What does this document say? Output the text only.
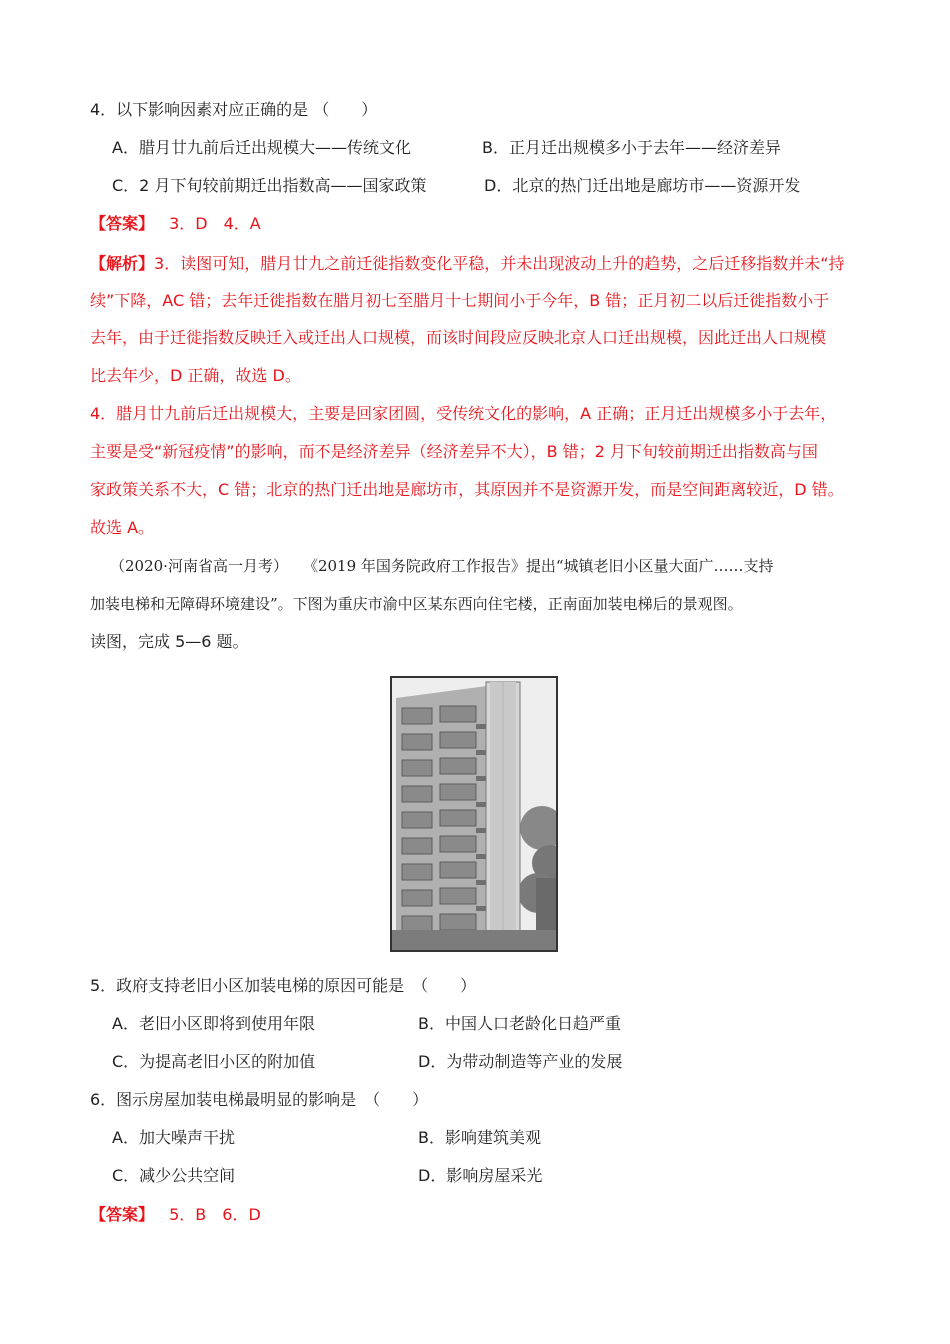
4．以下影响因素对应正确的是 （　　）
A．腊月廿九前后迁出规模大——传统文化	B．正月迁出规模多小于去年——经济差异
C．2 月下旬较前期迁出指数高——国家政策	D．北京的热门迁出地是廊坊市——资源开发
【答案】 3．D　4．A
【解析】3．读图可知，腊月廿九之前迁徙指数变化平稳，并未出现波动上升的趋势，之后迁移指数并未“持
续”下降，AC 错；去年迁徙指数在腊月初七至腊月十七期间小于今年，B 错；正月初二以后迁徙指数小于
去年，由于迁徙指数反映迁入或迁出人口规模，而该时间段应反映北京人口迁出规模，因此迁出人口规模
比去年少，D 正确，故选 D。
4．腊月廿九前后迁出规模大，主要是回家团圆，受传统文化的影响，A 正确；正月迁出规模多小于去年，
主要是受“新冠疫情”的影响，而不是经济差异（经济差异不大），B 错；2 月下旬较前期迁出指数高与国
家政策关系不大，C 错；北京的热门迁出地是廊坊市，其原因并不是资源开发，而是空间距离较近，D 错。
故选 A。
（2020·河南省高一月考）　　《2019 年国务院政府工作报告》提出“城镇老旧小区量大面广……支持
加装电梯和无障碍环境建设”。下图为重庆市渝中区某东西向住宅楼，正南面加装电梯后的景观图。
读图，完成 5—6 题。
5．政府支持老旧小区加装电梯的原因可能是　（　　）
A．老旧小区即将到使用年限	B．中国人口老龄化日趋严重
C．为提高老旧小区的附加值	D．为带动制造等产业的发展
6．图示房屋加装电梯最明显的影响是　（　　）
A．加大噪声干扰	B．影响建筑美观
C．减少公共空间	D．影响房屋采光
【答案】 5．B　6．D
